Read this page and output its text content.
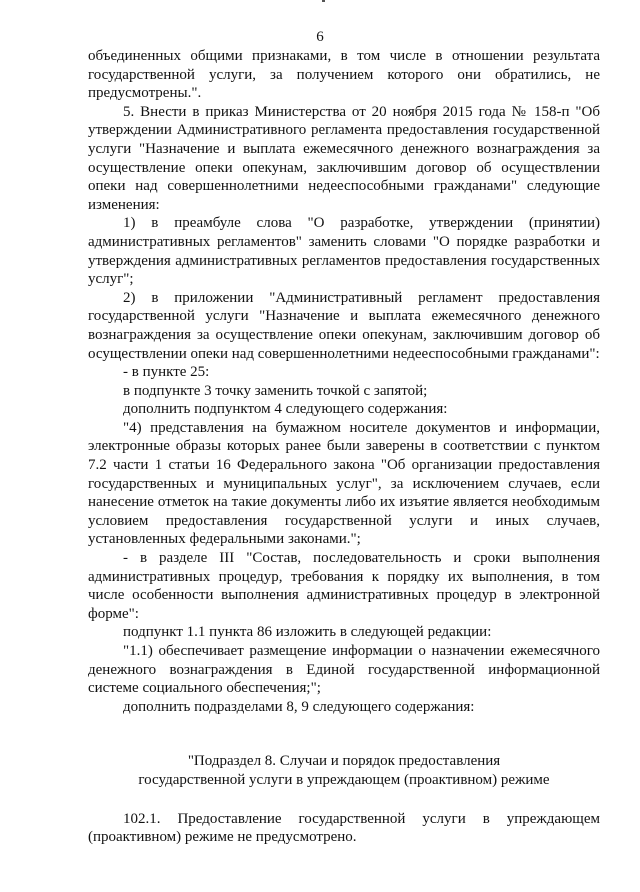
6

объединенных общими признаками, в том числе в отношении результата государственной услуги, за получением которого они обратились, не предусмотрены.".

5. Внести в приказ Министерства от 20 ноября 2015 года № 158-п "Об утверждении Административного регламента предоставления государственной услуги "Назначение и выплата ежемесячного денежного вознаграждения за осуществление опеки опекунам, заключившим договор об осуществлении опеки над совершеннолетними недееспособными гражданами" следующие изменения:

1) в преамбуле слова "О разработке, утверждении (принятии) административных регламентов" заменить словами "О порядке разработки и утверждения административных регламентов предоставления государственных услуг";

2) в приложении "Административный регламент предоставления государственной услуги "Назначение и выплата ежемесячного денежного вознаграждения за осуществление опеки опекунам, заключившим договор об осуществлении опеки над совершеннолетними недееспособными гражданами":

- в пункте 25:

в подпункте 3 точку заменить точкой с запятой;

дополнить подпунктом 4 следующего содержания:

"4) представления на бумажном носителе документов и информации, электронные образы которых ранее были заверены в соответствии с пунктом 7.2 части 1 статьи 16 Федерального закона "Об организации предоставления государственных и муниципальных услуг", за исключением случаев, если нанесение отметок на такие документы либо их изъятие является необходимым условием предоставления государственной услуги и иных случаев, установленных федеральными законами.";

- в разделе III "Состав, последовательность и сроки выполнения административных процедур, требования к порядку их выполнения, в том числе особенности выполнения административных процедур в электронной форме":

подпункт 1.1 пункта 86 изложить в следующей редакции:

"1.1) обеспечивает размещение информации о назначении ежемесячного денежного вознаграждения в Единой государственной информационной системе социального обеспечения;";

дополнить подразделами 8, 9 следующего содержания:

"Подраздел 8. Случаи и порядок предоставления
государственной услуги в упреждающем (проактивном) режиме

102.1. Предоставление государственной услуги в упреждающем (проактивном) режиме не предусмотрено.
